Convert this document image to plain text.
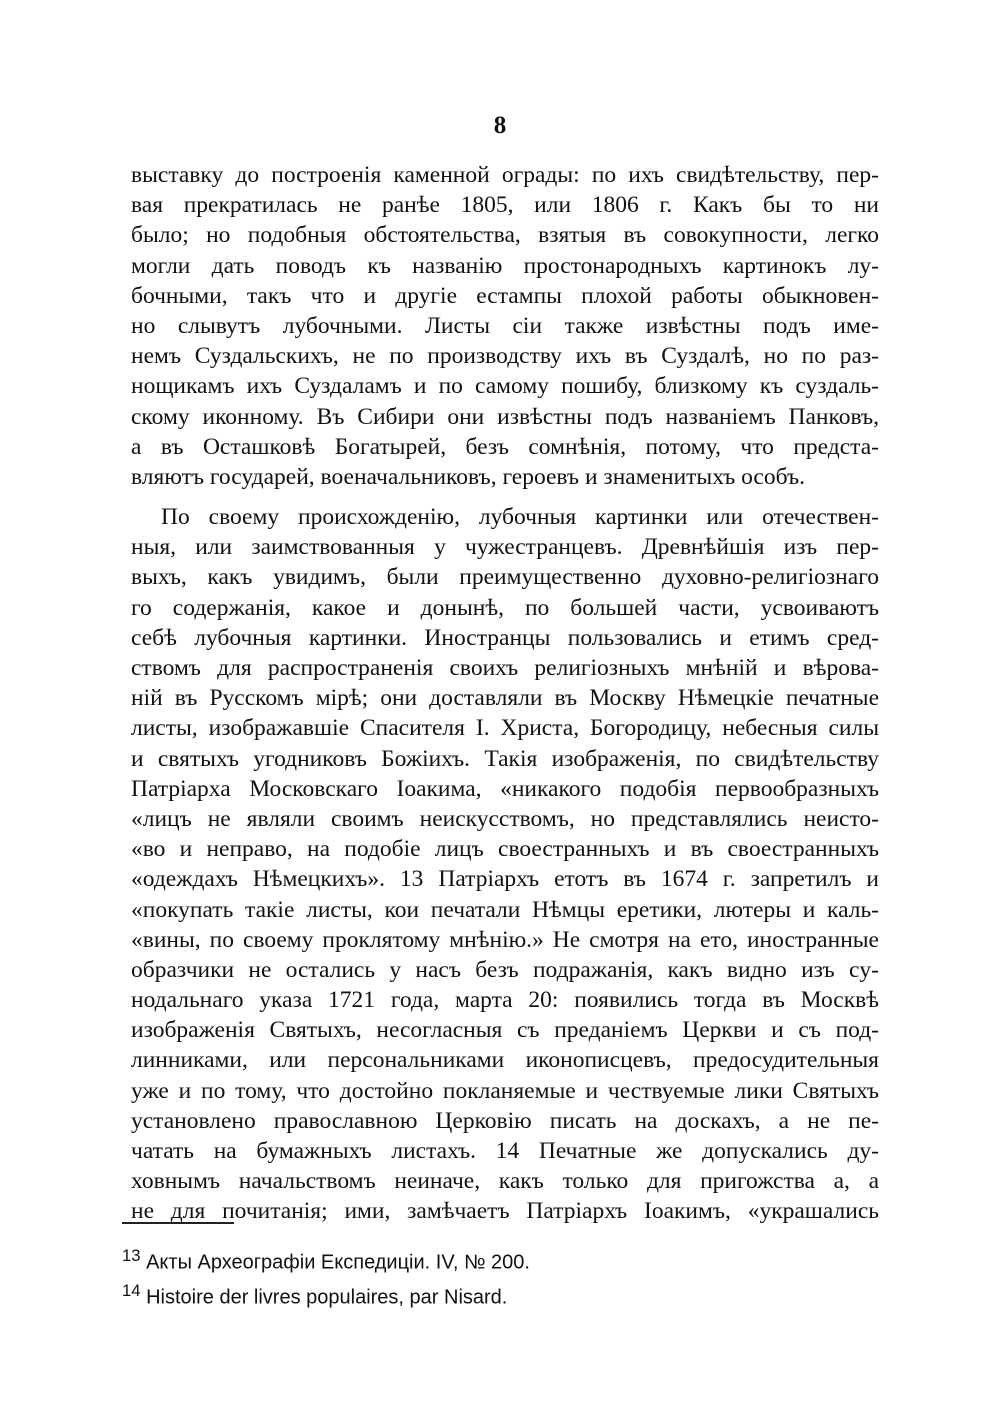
8
выставку до построенія каменной ограды: по ихъ свидѣтельству, пер-
вая прекратилась не ранѣе 1805, или 1806 г. Какъ бы то ни
было; но подобныя обстоятельства, взятыя въ совокупности, легко
могли дать поводъ къ названію простонародныхъ картинокъ лу-
бочными, такъ что и другіе естампы плохой работы обыкновен-
но слывутъ лубочными. Листы сіи также извѣстны подъ име-
немъ Суздальскихъ, не по производству ихъ въ Суздалѣ, но по раз-
нощикамъ ихъ Суздаламъ и по самому пошибу, близкому къ суздаль-
скому иконному. Въ Сибири они извѣстны подъ названіемъ Панковъ,
а въ Осташковѣ Богатырей, безъ сомнѣнія, потому, что предста-
вляютъ государей, военачальниковъ, героевъ и знаменитыхъ особъ.
По своему происхожденію, лубочныя картинки или отечествен-
ныя, или заимствованныя у чужестранцевъ. Древнѣйшія изъ пер-
выхъ, какъ увидимъ, были преимущественно духовно-религіознаго
го содержанія, какое и донынѣ, по большей части, усвоиваютъ
себѣ лубочныя картинки. Иностранцы пользовались и етимъ сред-
ствомъ для распространенія своихъ религіозныхъ мнѣній и вѣрова-
ній въ Русскомъ мірѣ; они доставляли въ Москву Нѣмецкіе печатные
листы, изображавшіе Спасителя І. Христа, Богородицу, небесныя силы
и святыхъ угодниковъ Божіихъ. Такія изображенія, по свидѣтельству
Патріарха Московскаго Іоакима, «никакого подобія первообразныхъ
«лицъ не являли своимъ неискусствомъ, но представлялись неисто-
«во и неправо, на подобіе лицъ своестранныхъ и въ своестранныхъ
«одеждахъ Нѣмецкихъ». 13 Патріархъ етотъ въ 1674 г. запретилъ и
«покупать такіе листы, кои печатали Нѣмцы еретики, лютеры и каль-
«вины, по своему проклятому мнѣнію.» Не смотря на ето, иностранные
образчики не остались у насъ безъ подражанія, какъ видно изъ сy-
нодальнаго указа 1721 года, марта 20: появились тогда въ Москвѣ
изображенія Святыхъ, несогласныя съ преданіемъ Церкви и съ под-
линниками, или персональниками иконописцевъ, предосудительныя
уже и по тому, что достойно покланяемые и чествуемые лики Святыхъ
установлено православною Церковію писать на доскахъ, а не пе-
чатать на бумажныхъ листахъ. 14 Печатные же допускались ду-
ховнымъ начальствомъ неиначе, какъ только для пригожства а, а
не для почитанія; ими, замѣчаетъ Патріархъ Іоакимъ, «украшались
$^{13}$ Акты Археографіи Експедиціи. IV, № 200.
$^{14}$ Histoire der livres populaires, par Nisard.
